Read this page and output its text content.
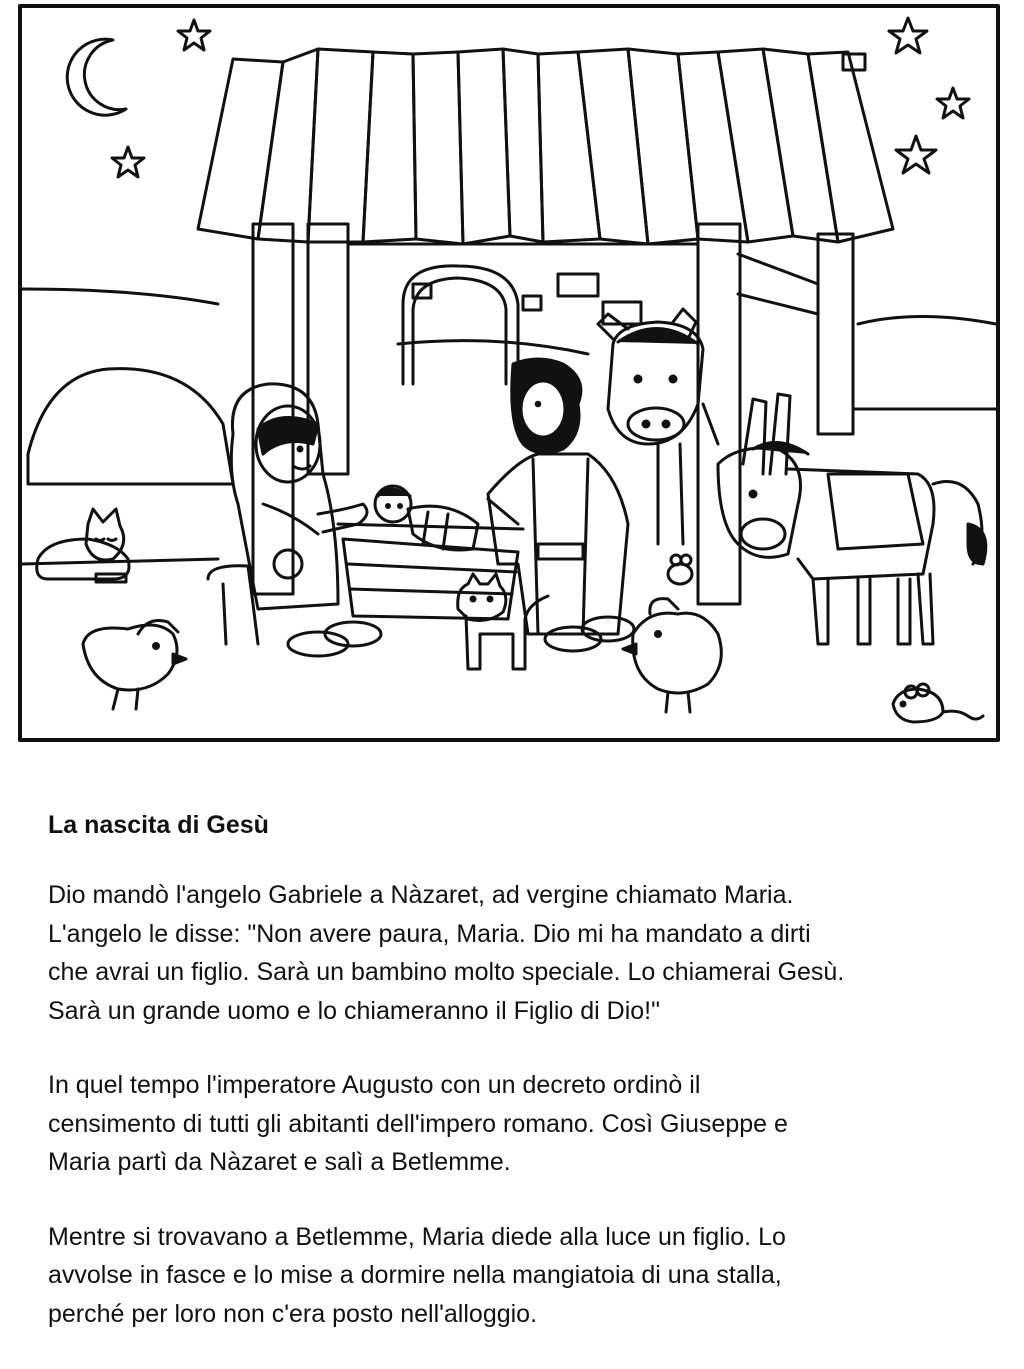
La nascita di Gesù

Dio mandò l'angelo Gabriele a Nàzaret, ad vergine chiamato Maria.
L'angelo le disse: "Non avere paura, Maria. Dio mi ha mandato a dirti
che avrai un figlio. Sarà un bambino molto speciale. Lo chiamerai Gesù.
Sarà un grande uomo e lo chiameranno il Figlio di Dio!"

In quel tempo l'imperatore Augusto con un decreto ordinò il
censimento di tutti gli abitanti dell'impero romano. Così Giuseppe e
Maria partì da Nàzaret e salì a Betlemme.

Mentre si trovavano a Betlemme, Maria diede alla luce un figlio. Lo
avvolse in fasce e lo mise a dormire nella mangiatoia di una stalla,
perché per loro non c'era posto nell'alloggio.
